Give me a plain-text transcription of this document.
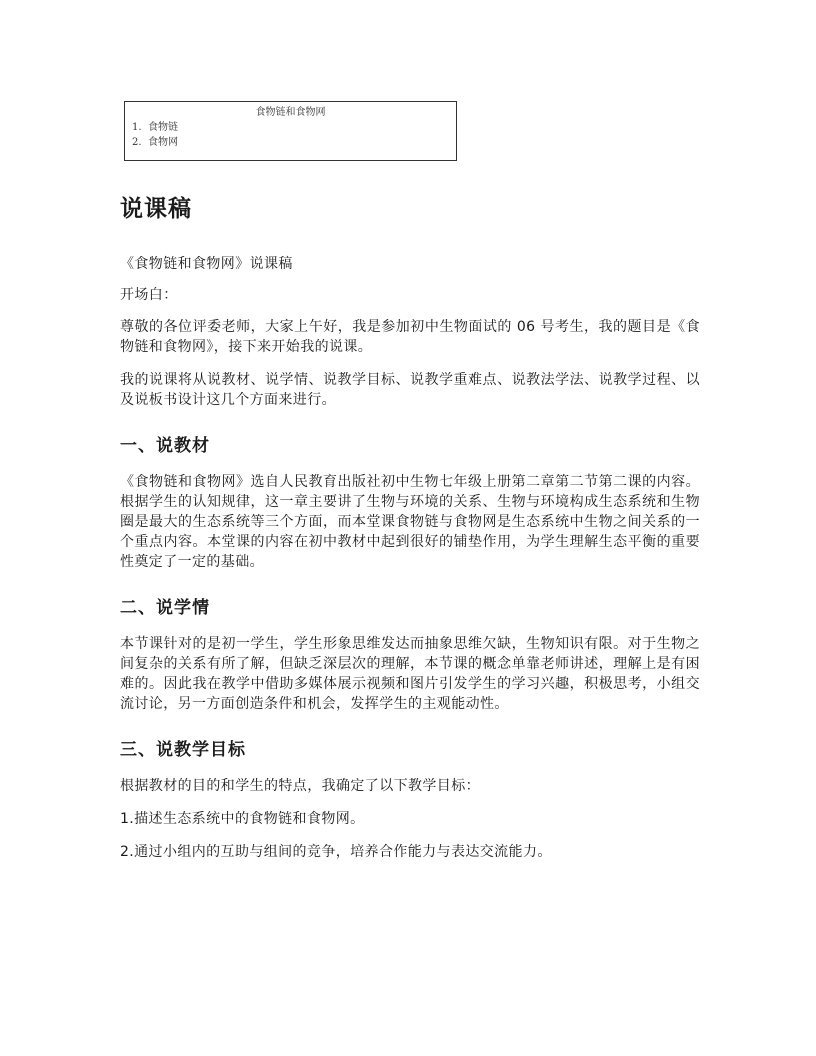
食物链和食物网
1. 食物链
2. 食物网
说课稿

《食物链和食物网》说课稿

开场白：

尊敬的各位评委老师，大家上午好，我是参加初中生物面试的 06 号考生，我的题目是《食物链和食物网》，接下来开始我的说课。

我的说课将从说教材、说学情、说教学目标、说教学重难点、说教法学法、说教学过程、以及说板书设计这几个方面来进行。

一、说教材

《食物链和食物网》选自人民教育出版社初中生物七年级上册第二章第二节第二课的内容。根据学生的认知规律，这一章主要讲了生物与环境的关系、生物与环境构成生态系统和生物圈是最大的生态系统等三个方面，而本堂课食物链与食物网是生态系统中生物之间关系的一个重点内容。本堂课的内容在初中教材中起到很好的铺垫作用，为学生理解生态平衡的重要性奠定了一定的基础。

二、说学情

本节课针对的是初一学生，学生形象思维发达而抽象思维欠缺，生物知识有限。对于生物之间复杂的关系有所了解，但缺乏深层次的理解，本节课的概念单靠老师讲述，理解上是有困难的。因此我在教学中借助多媒体展示视频和图片引发学生的学习兴趣，积极思考，小组交流讨论，另一方面创造条件和机会，发挥学生的主观能动性。

三、说教学目标

根据教材的目的和学生的特点，我确定了以下教学目标：

1.描述生态系统中的食物链和食物网。

2.通过小组内的互助与组间的竞争，培养合作能力与表达交流能力。
